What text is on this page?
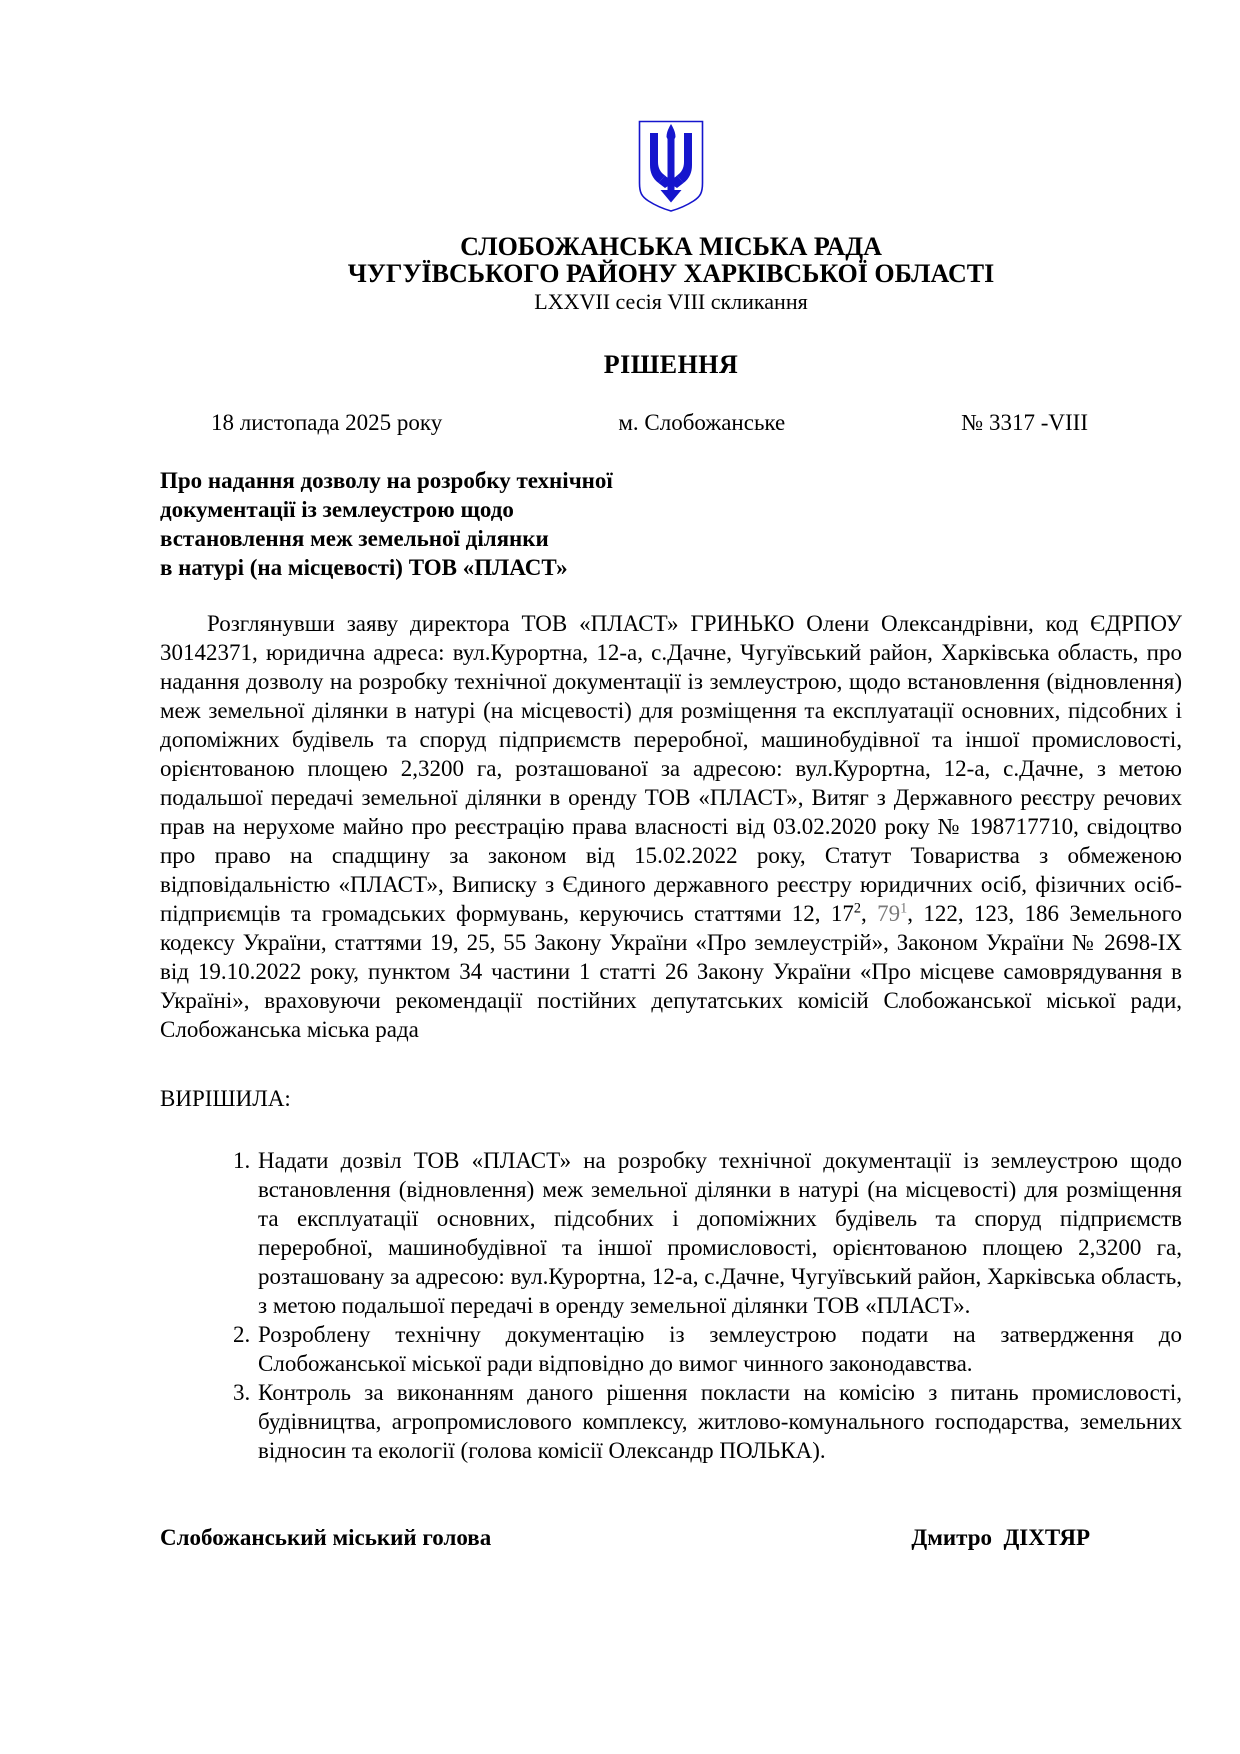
СЛОБОЖАНСЬКА МІСЬКА РАДА
ЧУГУЇВСЬКОГО РАЙОНУ ХАРКІВСЬКОЇ ОБЛАСТІ
LXXVII сесія VIII скликання
РІШЕННЯ
18 листопада 2025 року	м. Слобожанське	№ 3317 -VIII
Про надання дозволу на розробку технічної
документації із землеустрою щодо
встановлення меж земельної ділянки
в натурі (на місцевості) ТОВ «ПЛАСТ»
Розглянувши заяву директора ТОВ «ПЛАСТ» ГРИНЬКО Олени Олександрівни, код ЄДРПОУ 30142371, юридична адреса: вул.Курортна, 12-а, с.Дачне, Чугуївський район, Харківська область, про надання дозволу на розробку технічної документації із землеустрою, щодо встановлення (відновлення) меж земельної ділянки в натурі (на місцевості) для розміщення та експлуатації основних, підсобних і допоміжних будівель та споруд підприємств переробної, машинобудівної та іншої промисловості, орієнтованою площею 2,3200 га, розташованої за адресою: вул.Курортна, 12-а, с.Дачне, з метою подальшої передачі земельної ділянки в оренду ТОВ «ПЛАСТ», Витяг з Державного реєстру речових прав на нерухоме майно про реєстрацію права власності від 03.02.2020 року № 198717710, свідоцтво про право на спадщину за законом від 15.02.2022 року, Статут Товариства з обмеженою відповідальністю «ПЛАСТ», Виписку з Єдиного державного реєстру юридичних осіб, фізичних осіб-підприємців та громадських формувань, керуючись статтями 12, $17^2$, $79^1$, 122, 123, 186 Земельного кодексу України, статтями 19, 25, 55 Закону України «Про землеустрій», Законом України № 2698-ІХ від 19.10.2022 року, пунктом 34 частини 1 статті 26 Закону України «Про місцеве самоврядування в Україні», враховуючи рекомендації постійних депутатських комісій Слобожанської міської ради, Слобожанська міська рада
ВИРІШИЛА:
1. Надати дозвіл ТОВ «ПЛАСТ» на розробку технічної документації із землеустрою щодо встановлення (відновлення) меж земельної ділянки в натурі (на місцевості) для розміщення та експлуатації основних, підсобних і допоміжних будівель та споруд підприємств переробної, машинобудівної та іншої промисловості, орієнтованою площею 2,3200 га, розташовану за адресою: вул.Курортна, 12-а, с.Дачне, Чугуївський район, Харківська область, з метою подальшої передачі в оренду земельної ділянки ТОВ «ПЛАСТ».
2. Розроблену технічну документацію із землеустрою подати на затвердження до Слобожанської міської ради відповідно до вимог чинного законодавства.
3. Контроль за виконанням даного рішення покласти на комісію з питань промисловості, будівництва, агропромислового комплексу, житлово-комунального господарства, земельних відносин та екології (голова комісії Олександр ПОЛЬКА).
Слобожанський міський голова	Дмитро  ДІХТЯР
